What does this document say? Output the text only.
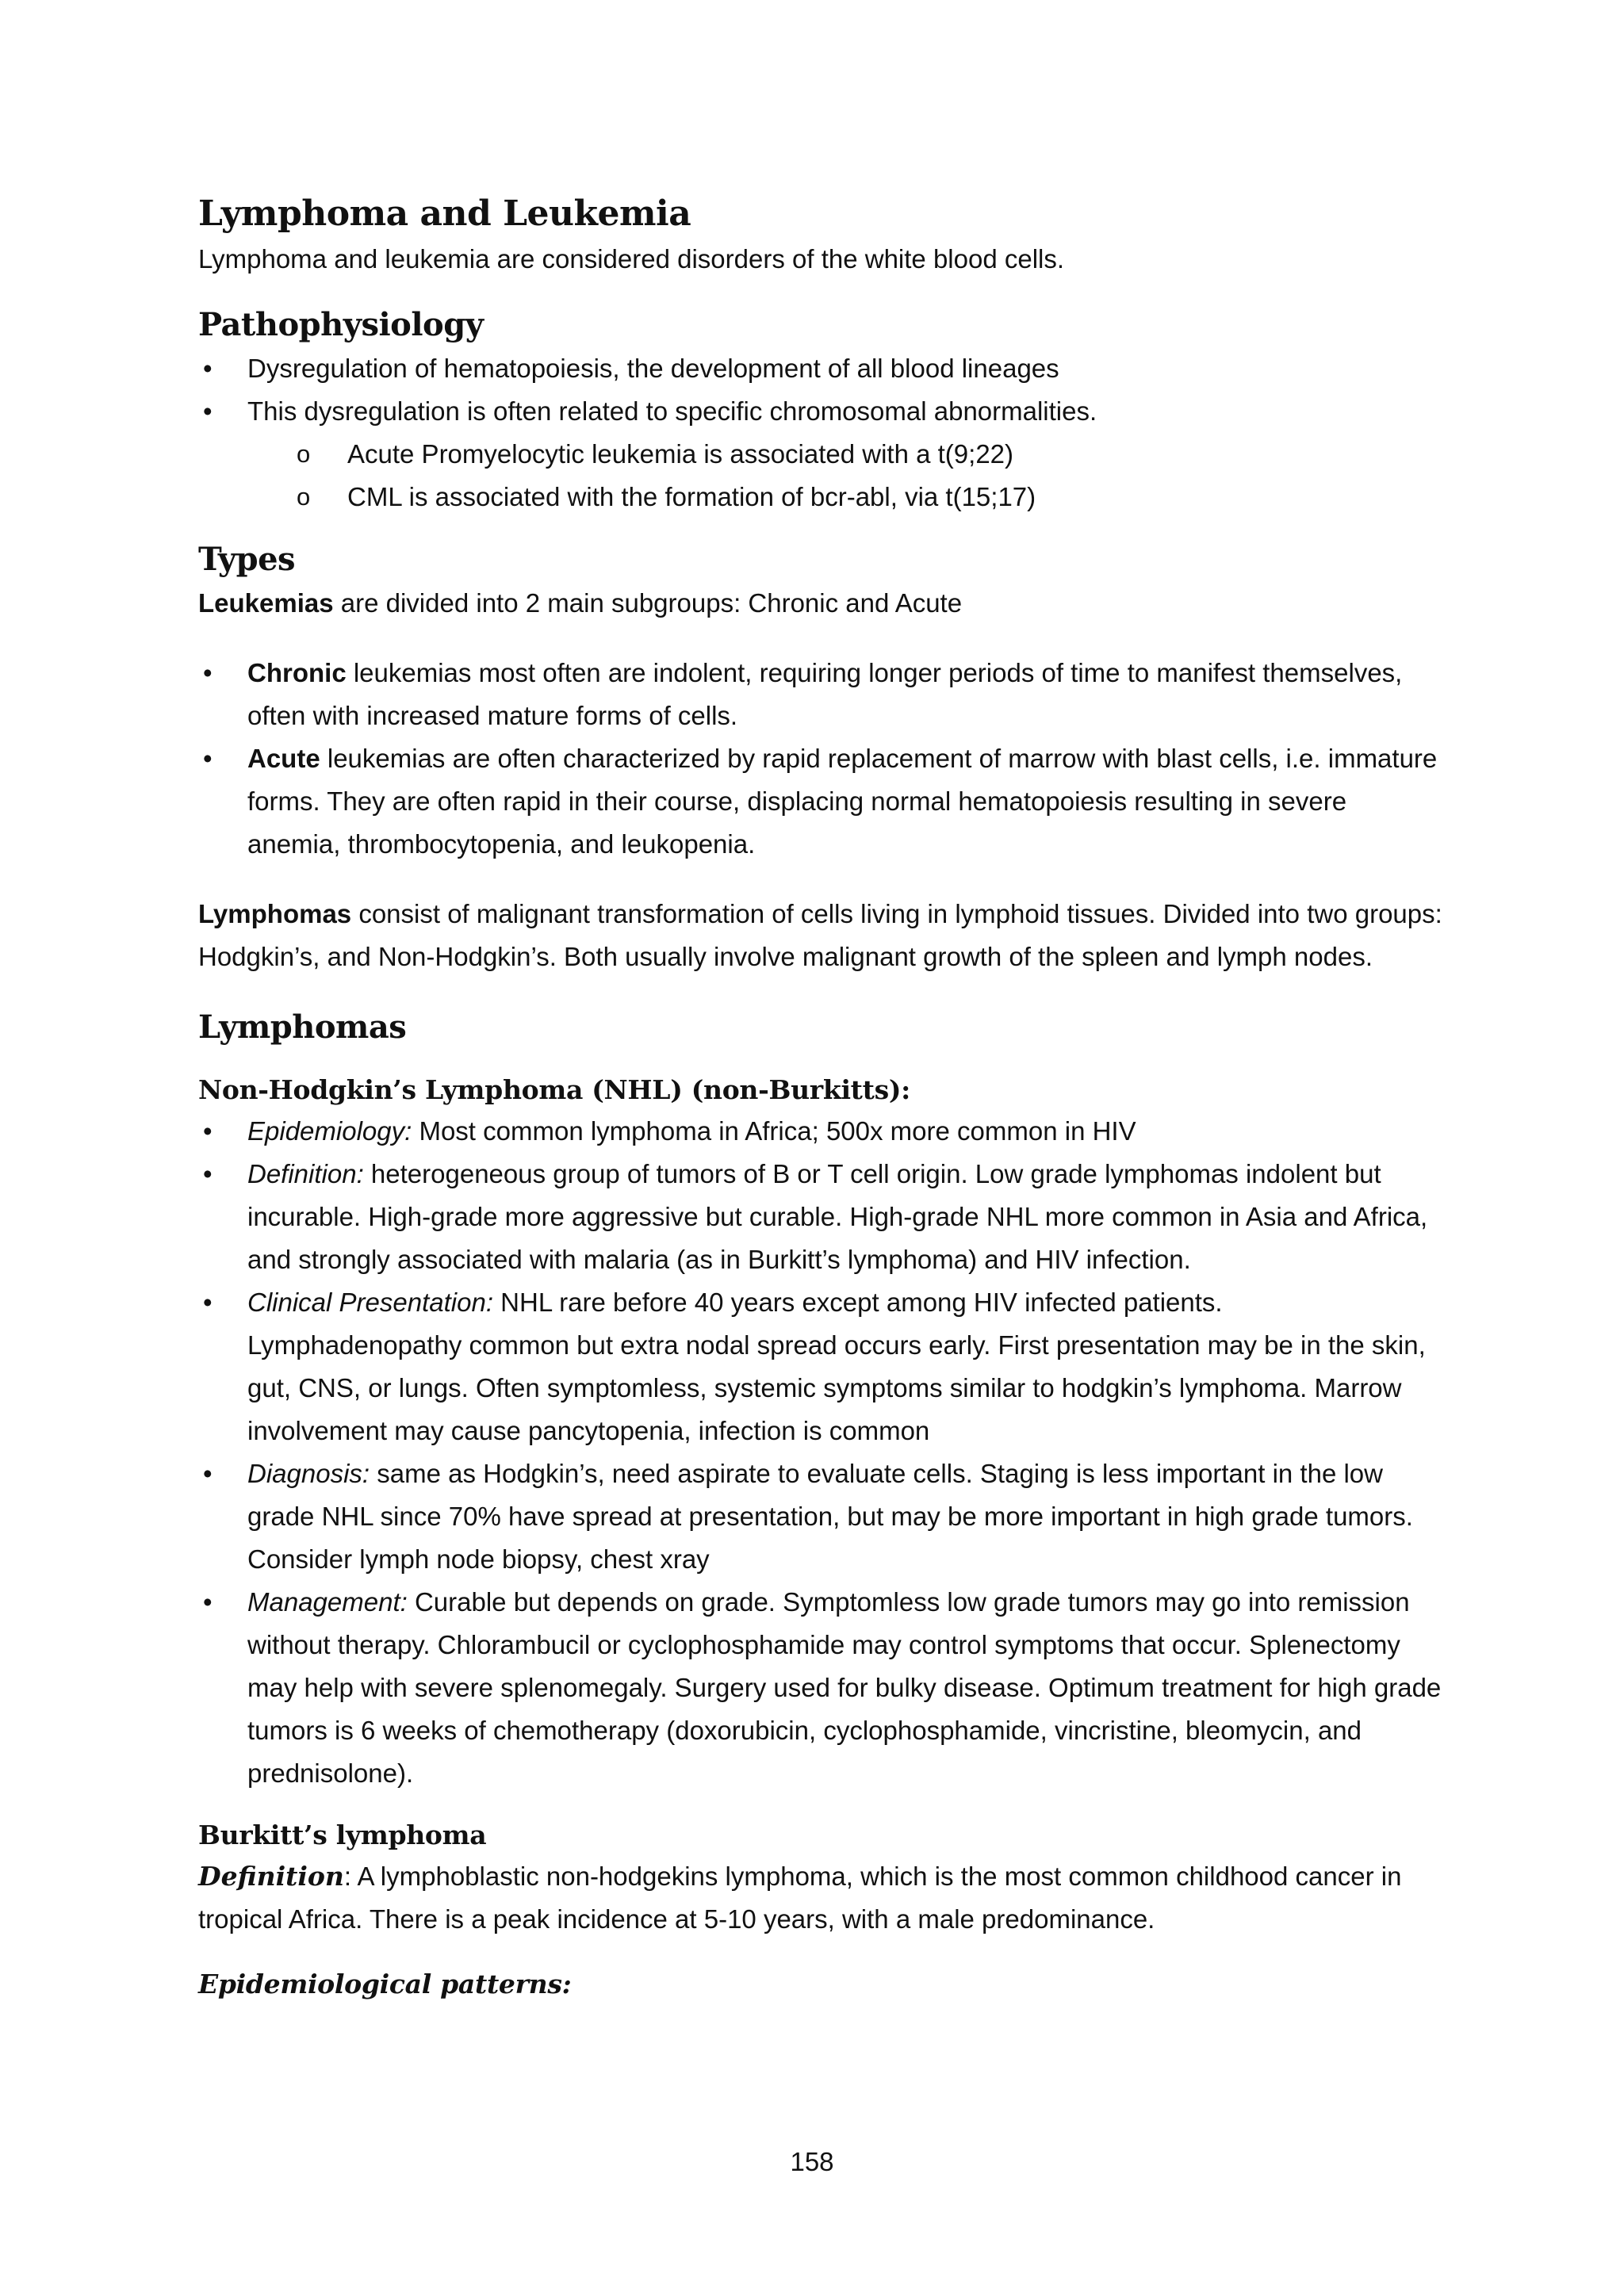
Lymphoma and Leukemia

Lymphoma and leukemia are considered disorders of the white blood cells.

Pathophysiology
• Dysregulation of hematopoiesis, the development of all blood lineages
• This dysregulation is often related to specific chromosomal abnormalities.
o Acute Promyelocytic leukemia is associated with a t(9;22)
o CML is associated with the formation of bcr-abl, via t(15;17)
Types

Leukemias are divided into 2 main subgroups: Chronic and Acute

• Chronic leukemias most often are indolent, requiring longer periods of time to manifest themselves, often with increased mature forms of cells.
• Acute leukemias are often characterized by rapid replacement of marrow with blast cells, i.e. immature forms. They are often rapid in their course, displacing normal hematopoiesis resulting in severe anemia, thrombocytopenia, and leukopenia.

Lymphomas consist of malignant transformation of cells living in lymphoid tissues. Divided into two groups: Hodgkin’s, and Non-Hodgkin’s. Both usually involve malignant growth of the spleen and lymph nodes.

Lymphomas
Non-Hodgkin’s Lymphoma (NHL) (non-Burkitts):
• Epidemiology: Most common lymphoma in Africa; 500x more common in HIV
• Definition: heterogeneous group of tumors of B or T cell origin. Low grade lymphomas indolent but incurable. High-grade more aggressive but curable. High-grade NHL more common in Asia and Africa, and strongly associated with malaria (as in Burkitt’s lymphoma) and HIV infection.
• Clinical Presentation: NHL rare before 40 years except among HIV infected patients. Lymphadenopathy common but extra nodal spread occurs early. First presentation may be in the skin, gut, CNS, or lungs. Often symptomless, systemic symptoms similar to hodgkin’s lymphoma. Marrow involvement may cause pancytopenia, infection is common
• Diagnosis: same as Hodgkin’s, need aspirate to evaluate cells. Staging is less important in the low grade NHL since 70% have spread at presentation, but may be more important in high grade tumors. Consider lymph node biopsy, chest xray
• Management: Curable but depends on grade. Symptomless low grade tumors may go into remission without therapy. Chlorambucil or cyclophosphamide may control symptoms that occur. Splenectomy may help with severe splenomegaly. Surgery used for bulky disease. Optimum treatment for high grade tumors is 6 weeks of chemotherapy (doxorubicin, cyclophosphamide, vincristine, bleomycin, and prednisolone).
Burkitt’s lymphoma

Definition: A lymphoblastic non-hodgekins lymphoma, which is the most common childhood cancer in tropical Africa. There is a peak incidence at 5-10 years, with a male predominance.

Epidemiological patterns:
158
